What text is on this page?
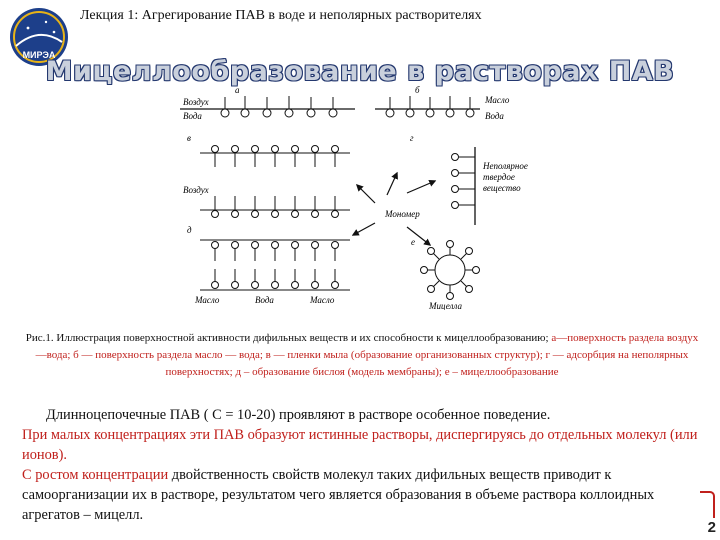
МИРЭА
Лекция 1: Агрегирование ПАВ в воде и неполярных растворителях
Мицеллообразование в растворах ПАВ
а
Воздух
Вода
б
Масло
Вода
в
Воздух
г
Неполярное
твердое
вещество
Мономер
д
Масло	Вода	Масло
е
Мицелла
Рис.1. Иллюстрация поверхностной активности дифильных веществ и их способности к мицеллообразованию; а—поверхность раздела воздух—вода; б — поверхность раздела масло — вода; в — пленки мыла (образование организованных структур); г — адсорбция на неполярных поверхностях; д – образование бислоя (модель мембраны); е – мицеллообразование

Длинноцепочечные ПАВ ( С = 10-20) проявляют в растворе особенное поведение.

При малых концентрациях эти ПАВ образуют истинные растворы, диспергируясь до отдельных молекул (или ионов).

С ростом концентрации двойственность свойств молекул таких дифильных веществ приводит к самоорганизации их в растворе, результатом чего является образования в объеме раствора коллоидных агрегатов – мицелл.

2
